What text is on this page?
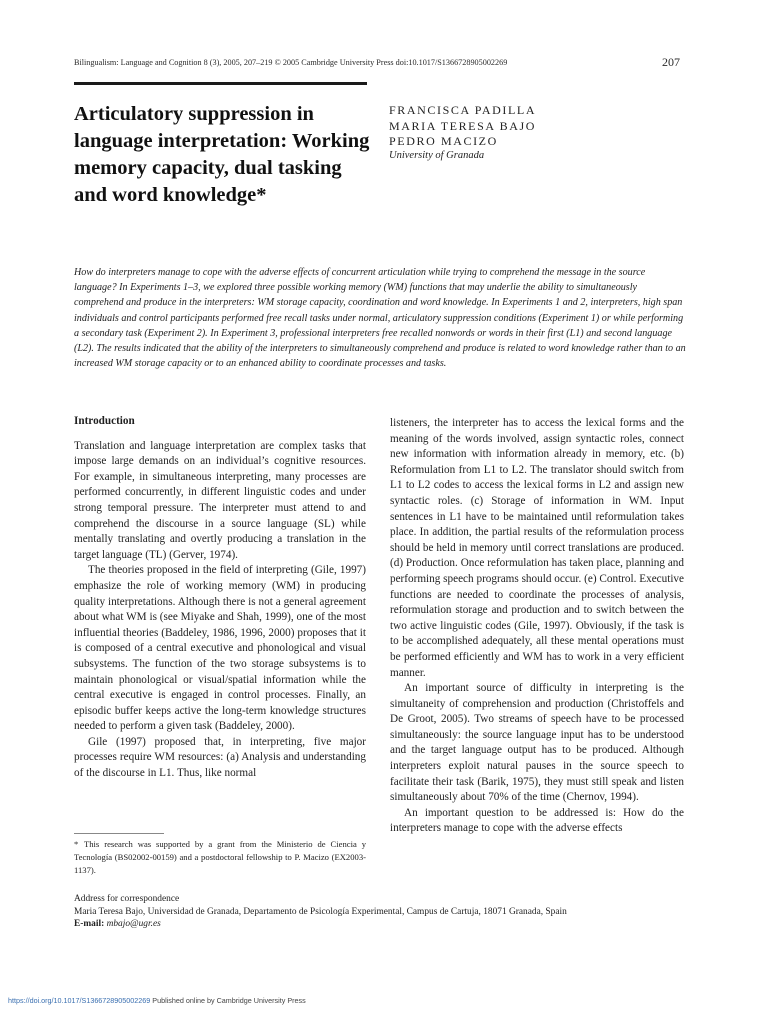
Bilingualism: Language and Cognition 8 (3), 2005, 207–219 © 2005 Cambridge University Press doi:10.1017/S1366728905002269	207
Articulatory suppression in language interpretation: Working memory capacity, dual tasking and word knowledge*
FRANCISCA PADILLA
MARIA TERESA BAJO
PEDRO MACIZO
University of Granada

How do interpreters manage to cope with the adverse effects of concurrent articulation while trying to comprehend the message in the source language? In Experiments 1–3, we explored three possible working memory (WM) functions that may underlie the ability to simultaneously comprehend and produce in the interpreters: WM storage capacity, coordination and word knowledge. In Experiments 1 and 2, interpreters, high span individuals and control participants performed free recall tasks under normal, articulatory suppression conditions (Experiment 1) or while performing a secondary task (Experiment 2). In Experiment 3, professional interpreters free recalled nonwords or words in their first (L1) and second language (L2). The results indicated that the ability of the interpreters to simultaneously comprehend and produce is related to word knowledge rather than to an increased WM storage capacity or to an enhanced ability to coordinate processes and tasks.

Introduction

Translation and language interpretation are complex tasks that impose large demands on an individual’s cognitive resources. For example, in simultaneous interpreting, many processes are performed concurrently, in different linguistic codes and under strong temporal pressure. The interpreter must attend to and comprehend the discourse in a source language (SL) while mentally translating and overtly producing a translation in the target language (TL) (Gerver, 1974).

The theories proposed in the field of interpreting (Gile, 1997) emphasize the role of working memory (WM) in producing quality interpretations. Although there is not a general agreement about what WM is (see Miyake and Shah, 1999), one of the most influential theories (Baddeley, 1986, 1996, 2000) proposes that it is composed of a central executive and phonological and visual subsystems. The function of the two storage subsystems is to maintain phonological or visual/spatial information while the central executive is engaged in control processes. Finally, an episodic buffer keeps active the long-term knowledge structures needed to perform a given task (Baddeley, 2000).

Gile (1997) proposed that, in interpreting, five major processes require WM resources: (a) Analysis and understanding of the discourse in L1. Thus, like normal

listeners, the interpreter has to access the lexical forms and the meaning of the words involved, assign syntactic roles, connect new information with information already in memory, etc. (b) Reformulation from L1 to L2. The translator should switch from L1 to L2 codes to access the lexical forms in L2 and assign new syntactic roles. (c) Storage of information in WM. Input sentences in L1 have to be maintained until reformulation takes place. In addition, the partial results of the reformulation process should be held in memory until correct translations are produced. (d) Production. Once reformulation has taken place, planning and performing speech programs should occur. (e) Control. Executive functions are needed to coordinate the processes of analysis, reformulation storage and production and to switch between the two active linguistic codes (Gile, 1997). Obviously, if the task is to be accomplished adequately, all these mental operations must be performed efficiently and WM has to work in a very efficient manner.

An important source of difficulty in interpreting is the simultaneity of comprehension and production (Christoffels and De Groot, 2005). Two streams of speech have to be processed simultaneously: the source language input has to be understood and the target language output has to be produced. Although interpreters exploit natural pauses in the source speech to facilitate their task (Barik, 1975), they must still speak and listen simultaneously about 70% of the time (Chernov, 1994).

An important question to be addressed is: How do the interpreters manage to cope with the adverse effects

* This research was supported by a grant from the Ministerio de Ciencia y Tecnología (BS02002-00159) and a postdoctoral fellowship to P. Macizo (EX2003-1137).
Address for correspondence
Maria Teresa Bajo, Universidad de Granada, Departamento de Psicología Experimental, Campus de Cartuja, 18071 Granada, Spain
E-mail: mbajo@ugr.es
https://doi.org/10.1017/S1366728905002269 Published online by Cambridge University Press
